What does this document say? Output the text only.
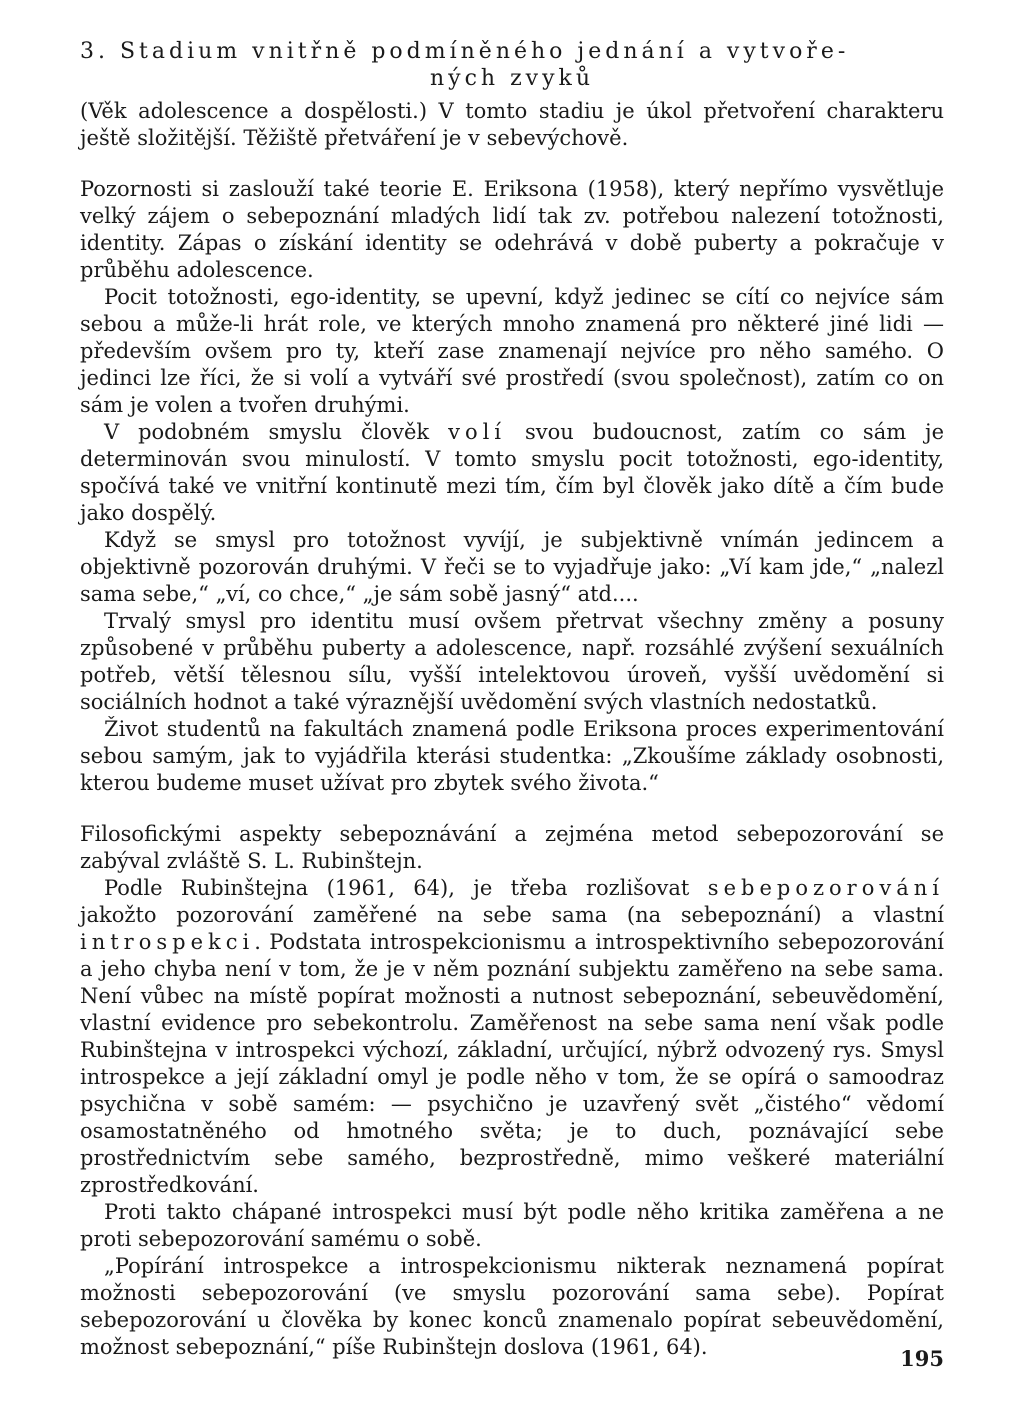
3. Stadium vnitřně podmíněného jednání a vytvoře-
ných zvyků

(Věk adolescence a dospělosti.) V tomto stadiu je úkol přetvoření charakteru ještě složitější. Těžiště přetváření je v sebevýchově.

Pozornosti si zaslouží také teorie E. Eriksona (1958), který nepřímo vysvětluje velký zájem o sebepoznání mladých lidí tak zv. potřebou nalezení totožnosti, identity. Zápas o získání identity se odehrává v době puberty a pokračuje v průběhu adolescence.

Pocit totožnosti, ego-identity, se upevní, když jedinec se cítí co nejvíce sám sebou a může-li hrát role, ve kterých mnoho znamená pro některé jiné lidi — především ovšem pro ty, kteří zase znamenají nejvíce pro něho samého. O jedinci lze říci, že si volí a vytváří své prostředí (svou společnost), zatím co on sám je volen a tvořen druhými.

V podobném smyslu člověk volí svou budoucnost, zatím co sám je determinován svou minulostí. V tomto smyslu pocit totožnosti, ego-identity, spočívá také ve vnitřní kontinutě mezi tím, čím byl člověk jako dítě a čím bude jako dospělý.

Když se smysl pro totožnost vyvíjí, je subjektivně vnímán jedincem a objektivně pozorován druhými. V řeči se to vyjadřuje jako: „Ví kam jde,“ „nalezl sama sebe,“ „ví, co chce,“ „je sám sobě jasný“ atd....

Trvalý smysl pro identitu musí ovšem přetrvat všechny změny a posuny způsobené v průběhu puberty a adolescence, např. rozsáhlé zvýšení sexuálních potřeb, větší tělesnou sílu, vyšší intelektovou úroveň, vyšší uvědomění si sociálních hodnot a také výraznější uvědomění svých vlastních nedostatků.

Život studentů na fakultách znamená podle Eriksona proces experimentování sebou samým, jak to vyjádřila kterási studentka: „Zkoušíme základy osobnosti, kterou budeme muset užívat pro zbytek svého života.“

Filosofickými aspekty sebepoznávání a zejména metod sebepozorování se zabýval zvláště S. L. Rubinštejn.

Podle Rubinštejna (1961, 64), je třeba rozlišovat sebepozorování jakožto pozorování zaměřené na sebe sama (na sebepoznání) a vlastní introspekci. Podstata introspekcionismu a introspektivního sebepozorování a jeho chyba není v tom, že je v něm poznání subjektu zaměřeno na sebe sama. Není vůbec na místě popírat možnosti a nutnost sebepoznání, sebeuvědomění, vlastní evidence pro sebekontrolu. Zaměřenost na sebe sama není však podle Rubinštejna v introspekci výchozí, základní, určující, nýbrž odvozený rys. Smysl introspekce a její základní omyl je podle něho v tom, že se opírá o samoodraz psychična v sobě samém: — psychično je uzavřený svět „čistého“ vědomí osamostatněného od hmotného světa; je to duch, poznávající sebe prostřednictvím sebe samého, bezprostředně, mimo veškeré materiální zprostředkování.

Proti takto chápané introspekci musí být podle něho kritika zaměřena a ne proti sebepozorování samému o sobě.

„Popírání introspekce a introspekcionismu nikterak neznamená popírat možnosti sebepozorování (ve smyslu pozorování sama sebe). Popírat sebepozorování u člověka by konec konců znamenalo popírat sebeuvědomění, možnost sebepoznání,“ píše Rubinštejn doslova (1961, 64).	195
